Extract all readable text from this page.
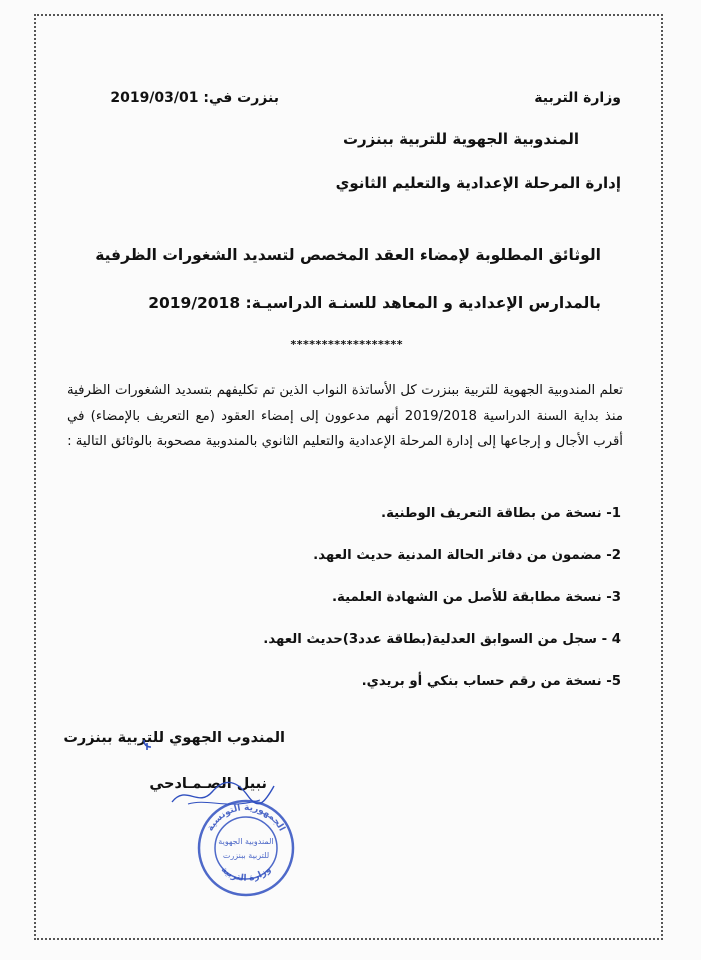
وزارة التربية
بنزرت في: 2019/03/01
المندوبية الجهوية للتربية ببنزرت
إدارة المرحلة الإعدادية والتعليم الثانوي
الوثائق المطلوبة لإمضاء العقد المخصص لتسديد الشغورات الظرفية
بالمدارس الإعدادية و المعاهد للسنـة الدراسيـة: 2019/2018
******************
تعلم المندوبية الجهوية للتربية ببنزرت كل الأساتذة النواب الذين تم تكليفهم بتسديد الشغورات الظرفية منذ بداية السنة الدراسية 2019/2018 أنهم مدعوون إلى إمضاء العقود (مع التعريف بالإمضاء) في أقرب الأجال و إرجاعها إلى إدارة المرحلة الإعدادية والتعليم الثانوي بالمندوبية مصحوبة بالوثائق التالية :
1- نسخة من بطاقة التعريف الوطنية.
2- مضمون من دفاتر الحالة المدنية حديث العهد.
3- نسخة مطابقة للأصل من الشهادة العلمية.
4 - سجل من السوابق العدلية(بطاقة عدد3)حديث العهد.
5- نسخة من رقم حساب بنكي أو بريدي.
المندوب الجهوي للتربية ببنزرت
نبيل الصـمـادحي
الجمهورية التونسية
وزارة التربية
المندوبية الجهوية
للتربية ببنزرت
